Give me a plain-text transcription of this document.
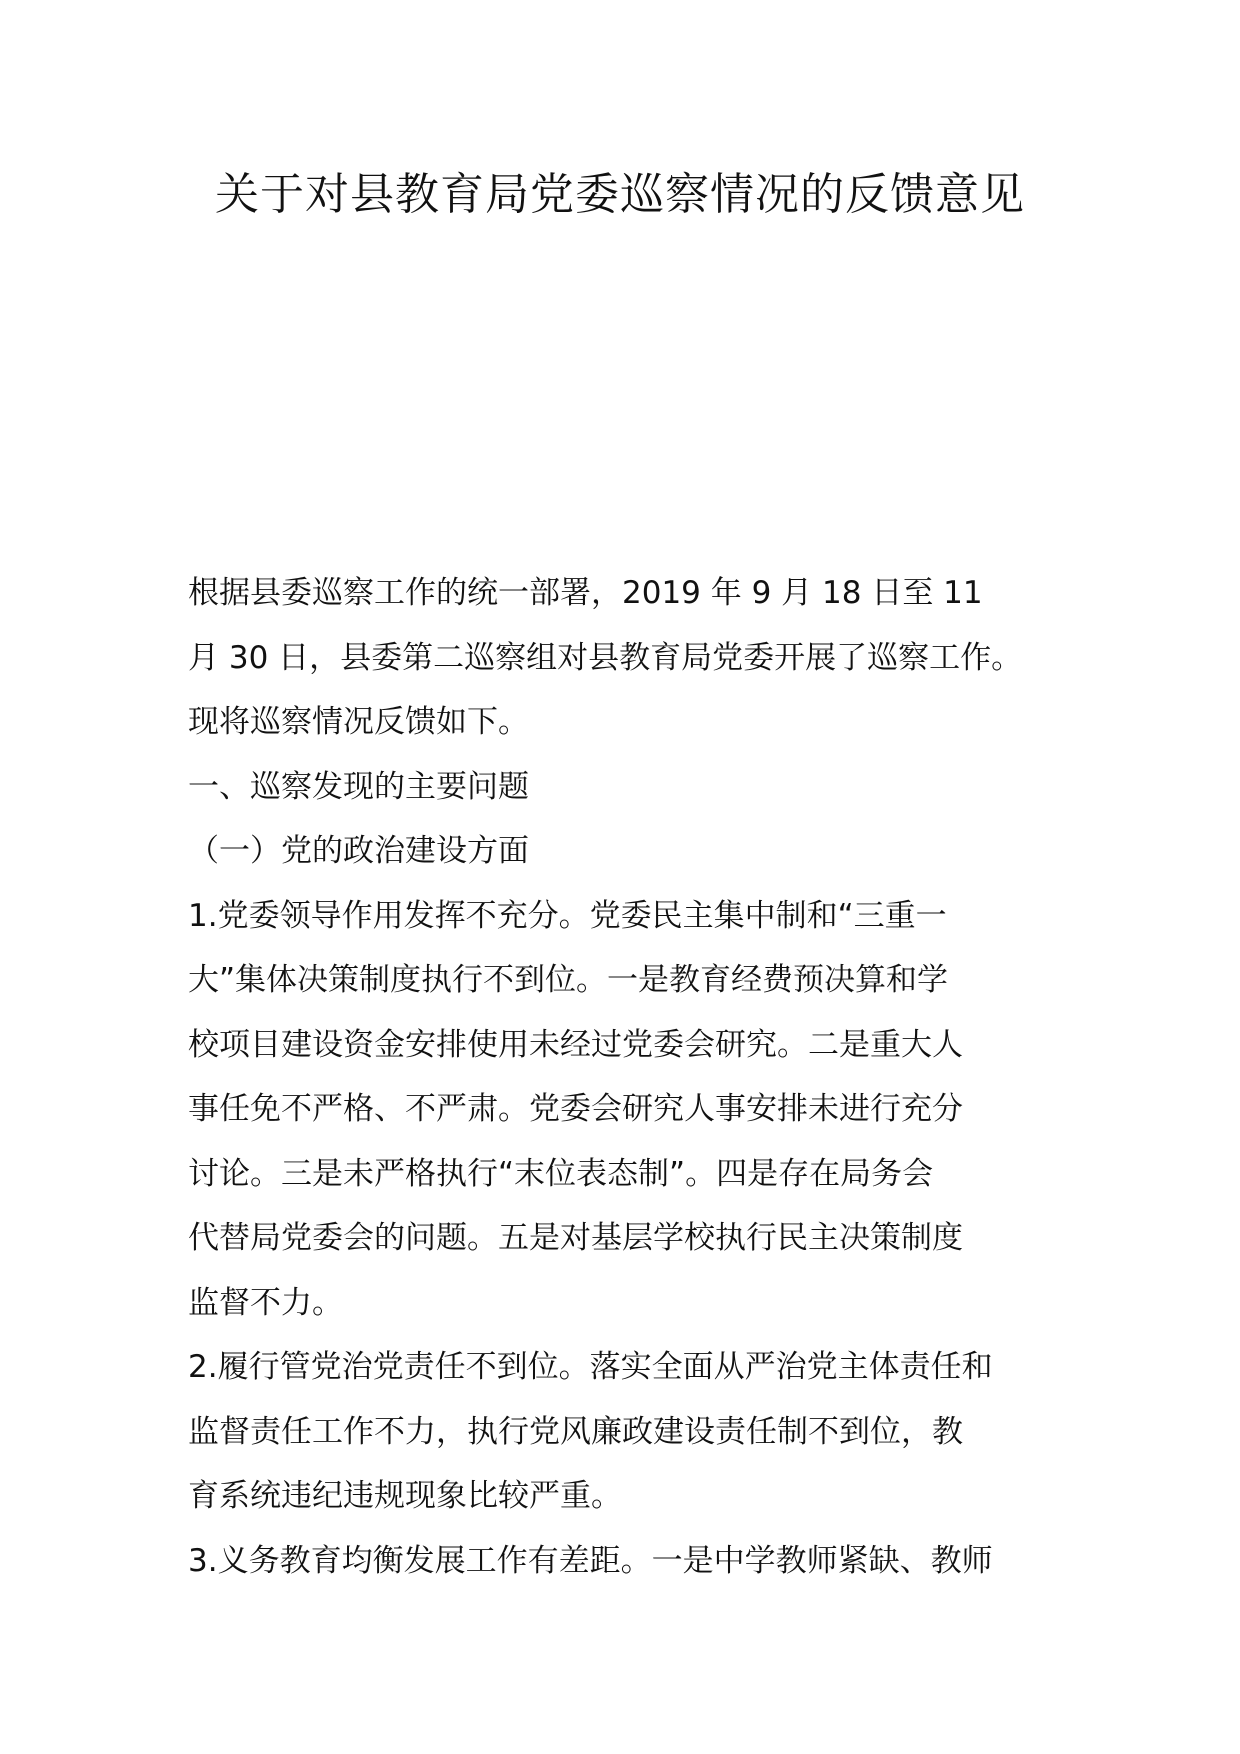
关于对县教育局党委巡察情况的反馈意见
根据县委巡察工作的统一部署，2019 年 9 月 18 日至 11
月 30 日，县委第二巡察组对县教育局党委开展了巡察工作。
现将巡察情况反馈如下。
一、巡察发现的主要问题
（一）党的政治建设方面
1.党委领导作用发挥不充分。党委民主集中制和“三重一
大”集体决策制度执行不到位。一是教育经费预决算和学
校项目建设资金安排使用未经过党委会研究。二是重大人
事任免不严格、不严肃。党委会研究人事安排未进行充分
讨论。三是未严格执行“末位表态制”。四是存在局务会
代替局党委会的问题。五是对基层学校执行民主决策制度
监督不力。
2.履行管党治党责任不到位。落实全面从严治党主体责任和
监督责任工作不力，执行党风廉政建设责任制不到位，教
育系统违纪违规现象比较严重。
3.义务教育均衡发展工作有差距。一是中学教师紧缺、教师
